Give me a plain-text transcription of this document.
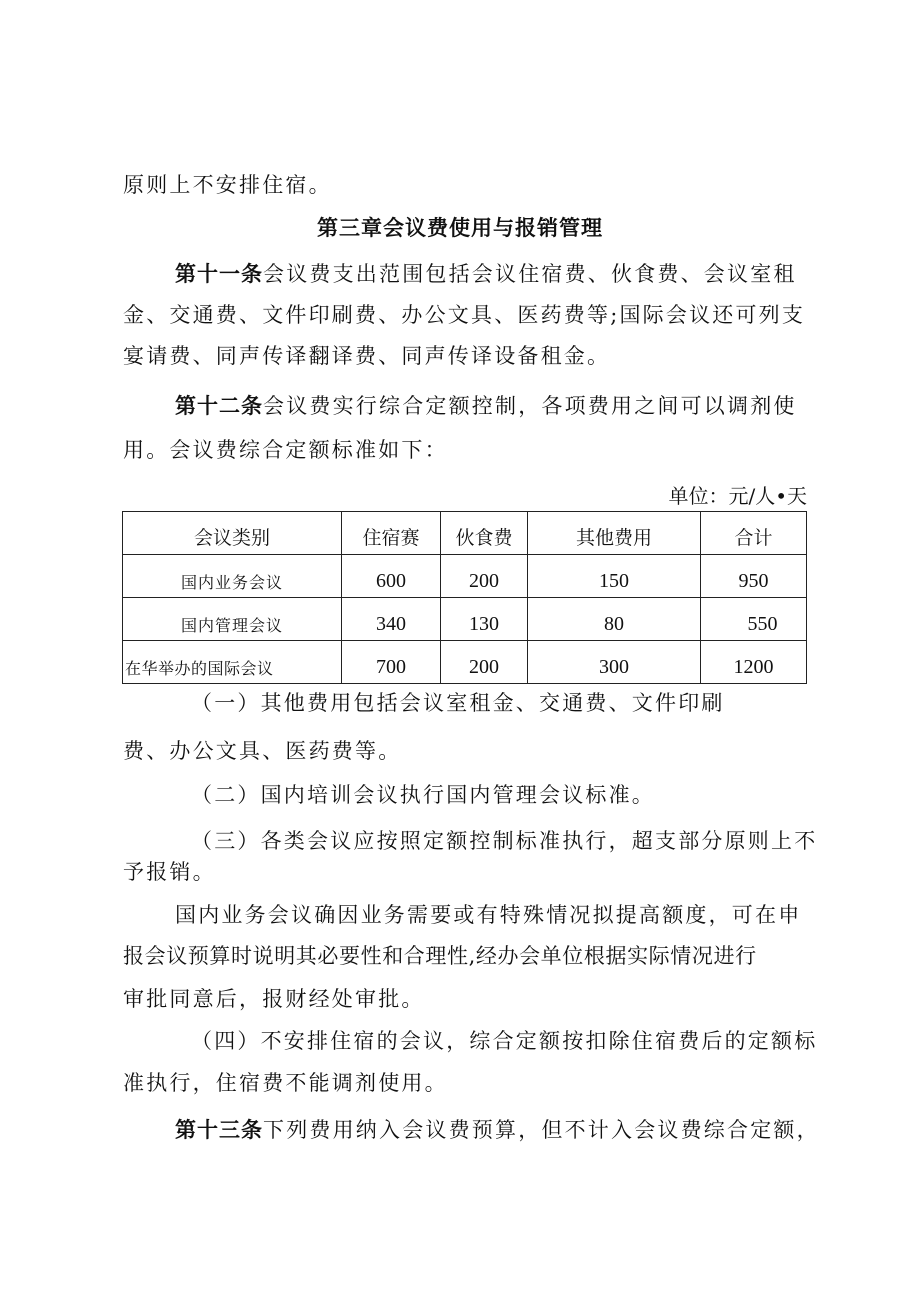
原则上不安排住宿。
第三章会议费使用与报销管理
第十一条会议费支出范围包括会议住宿费、伙食费、会议室租
金、交通费、文件印刷费、办公文具、医药费等;国际会议还可列支
宴请费、同声传译翻译费、同声传译设备租金。
第十二条会议费实行综合定额控制，各项费用之间可以调剂使
用。会议费综合定额标准如下：
单位：元/人•天
会议类别	住宿赛	伙食费	其他费用	合计
国内业务会议	600	200	150	950
国内管理会议	340	130	80	550
在华举办的国际会议	700	200	300	1200
（一）其他费用包括会议室租金、交通费、文件印刷
费、办公文具、医药费等。
（二）国内培训会议执行国内管理会议标准。
（三）各类会议应按照定额控制标准执行，超支部分原则上不
予报销。
国内业务会议确因业务需要或有特殊情况拟提高额度，可在申
报会议预算时说明其必要性和合理性,经办会单位根据实际情况进行
审批同意后，报财经处审批。
（四）不安排住宿的会议，综合定额按扣除住宿费后的定额标
准执行，住宿费不能调剂使用。
第十三条下列费用纳入会议费预算，但不计入会议费综合定额，
